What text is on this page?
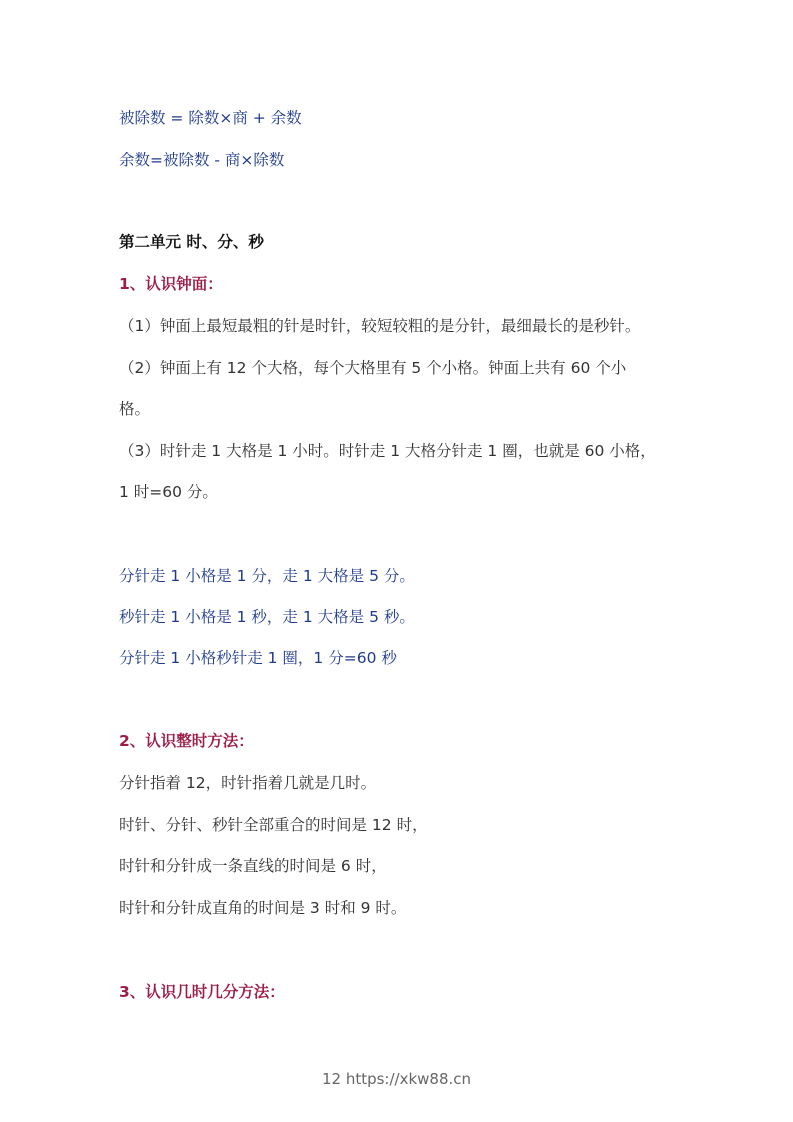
被除数 = 除数×商 + 余数
余数=被除数 - 商×除数
第二单元 时、分、秒
1、认识钟面：
（1）钟面上最短最粗的针是时针，较短较粗的是分针，最细最长的是秒针。
（2）钟面上有 12 个大格，每个大格里有 5 个小格。钟面上共有 60 个小
格。
（3）时针走 1 大格是 1 小时。时针走 1 大格分针走 1 圈，也就是 60 小格，
1 时=60 分。
分针走 1 小格是 1 分，走 1 大格是 5 分。
秒针走 1 小格是 1 秒，走 1 大格是 5 秒。
分针走 1 小格秒针走 1 圈，1 分=60 秒
2、认识整时方法：
分针指着 12，时针指着几就是几时。
时针、分针、秒针全部重合的时间是 12 时，
时针和分针成一条直线的时间是 6 时，
时针和分针成直角的时间是 3 时和 9 时。
3、认识几时几分方法：
12 https://xkw88.cn
